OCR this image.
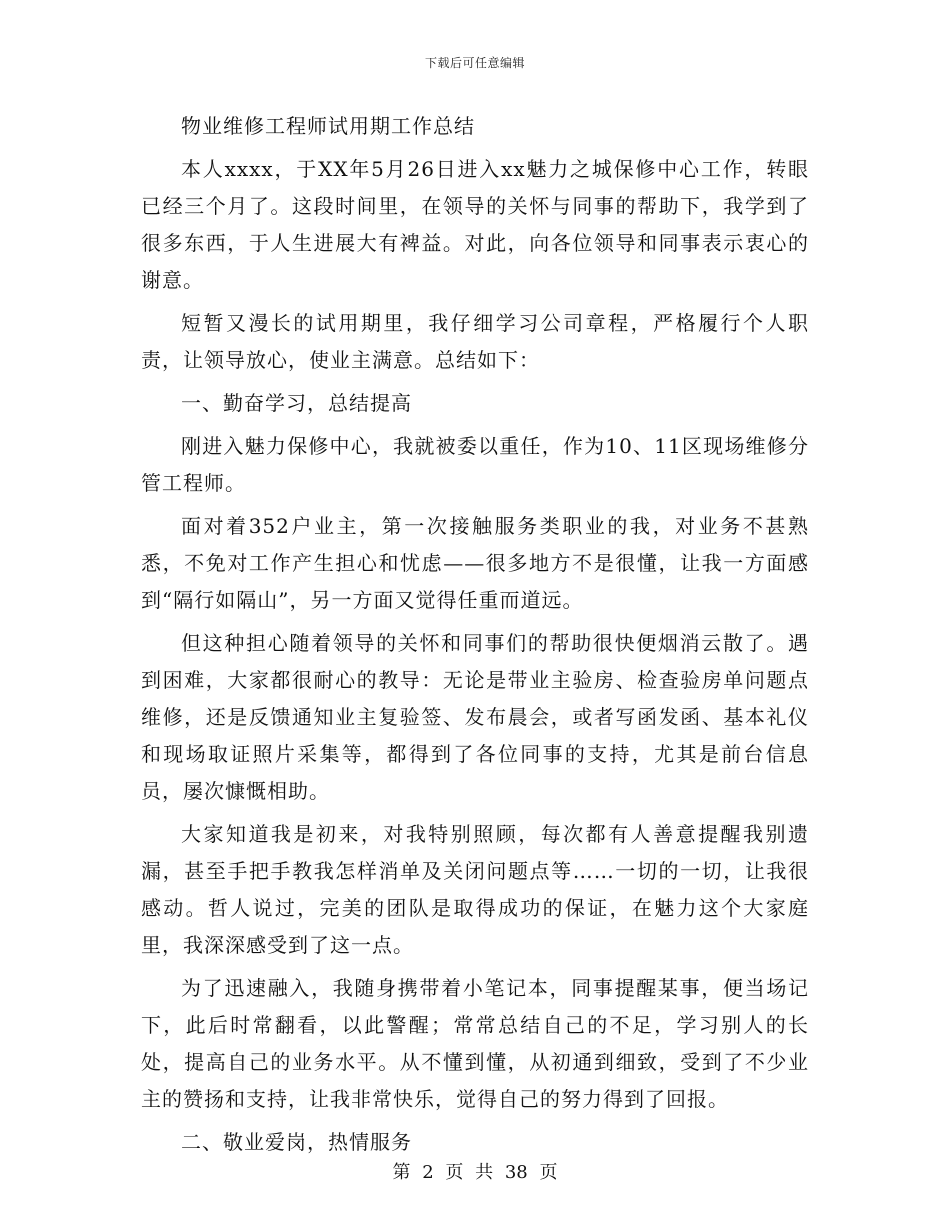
下载后可任意编辑

物业维修工程师试用期工作总结

本人xxxx，于XX年5月26日进入xx魅力之城保修中心工作，转眼已经三个月了。这段时间里，在领导的关怀与同事的帮助下，我学到了很多东西，于人生进展大有裨益。对此，向各位领导和同事表示衷心的谢意。

短暂又漫长的试用期里，我仔细学习公司章程，严格履行个人职责，让领导放心，使业主满意。总结如下：

一、勤奋学习，总结提高

刚进入魅力保修中心，我就被委以重任，作为10、11区现场维修分管工程师。

面对着352户业主，第一次接触服务类职业的我，对业务不甚熟悉，不免对工作产生担心和忧虑——很多地方不是很懂，让我一方面感到“隔行如隔山”，另一方面又觉得任重而道远。

但这种担心随着领导的关怀和同事们的帮助很快便烟消云散了。遇到困难，大家都很耐心的教导：无论是带业主验房、检查验房单问题点维修，还是反馈通知业主复验签、发布晨会，或者写函发函、基本礼仪和现场取证照片采集等，都得到了各位同事的支持，尤其是前台信息员，屡次慷慨相助。

大家知道我是初来，对我特别照顾，每次都有人善意提醒我别遗漏，甚至手把手教我怎样消单及关闭问题点等……一切的一切，让我很感动。哲人说过，完美的团队是取得成功的保证，在魅力这个大家庭里，我深深感受到了这一点。

为了迅速融入，我随身携带着小笔记本，同事提醒某事，便当场记下，此后时常翻看，以此警醒；常常总结自己的不足，学习别人的长处，提高自己的业务水平。从不懂到懂，从初通到细致，受到了不少业主的赞扬和支持，让我非常快乐，觉得自己的努力得到了回报。

二、敬业爱岗，热情服务

第 2 页 共 38 页
